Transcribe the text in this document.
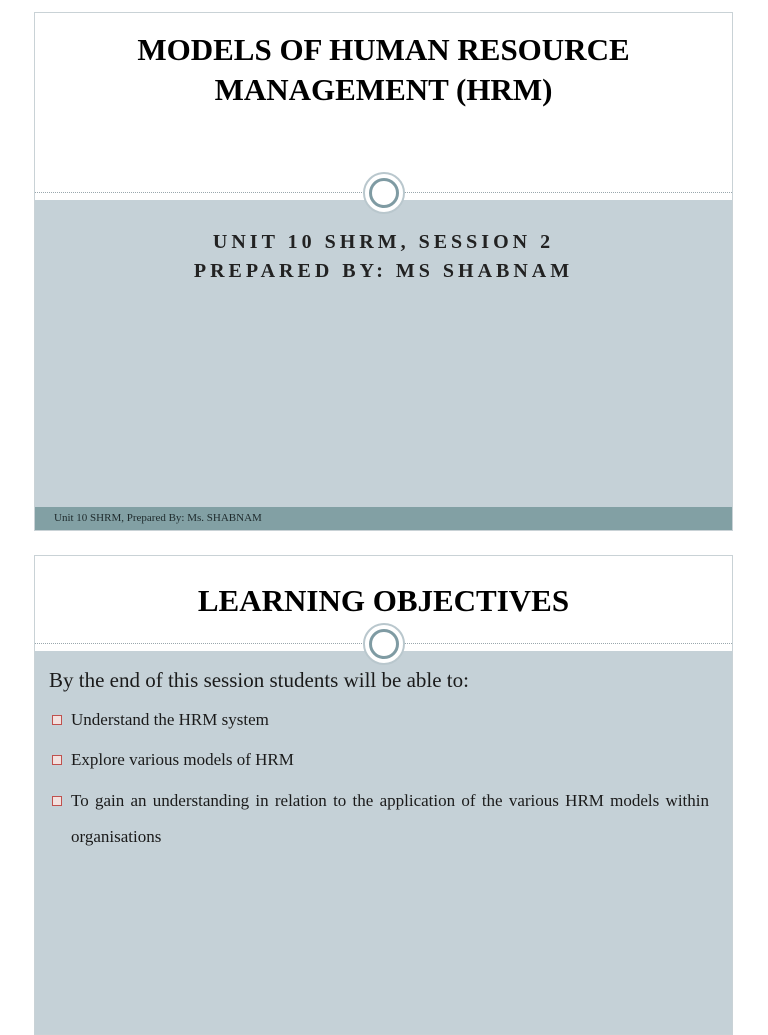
MODELS OF HUMAN RESOURCE
MANAGEMENT (HRM)
UNIT 10 SHRM, SESSION 2
PREPARED BY: MS SHABNAM
Unit 10 SHRM, Prepared By: Ms. SHABNAM
LEARNING OBJECTIVES
By the end of this session students will be able to:
Understand the HRM system
Explore various models of HRM
To gain an understanding in relation to the application of the various HRM models within organisations
